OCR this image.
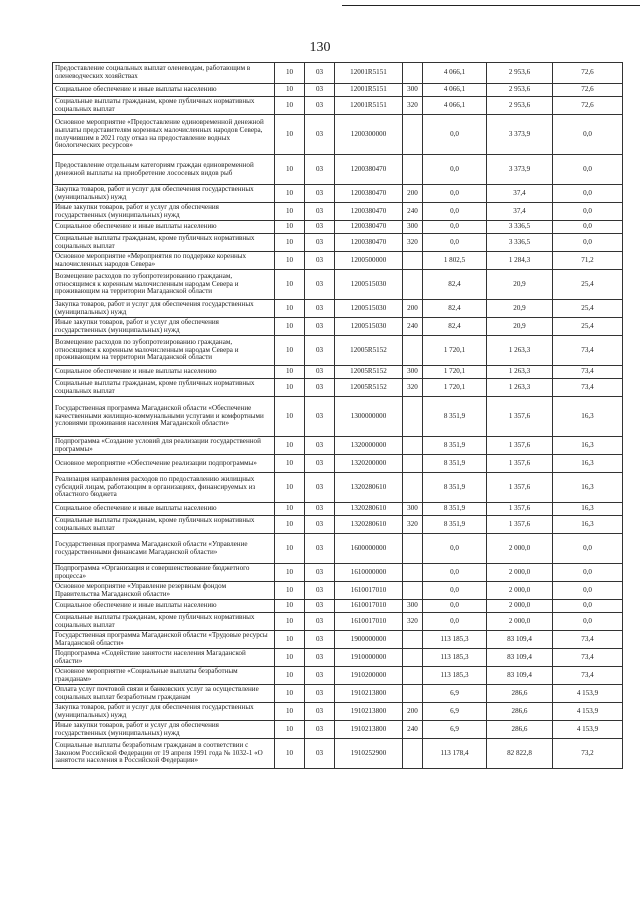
130
Предоставление социальных выплат оленеводам, работающим в оленеводческих хозяйствах	10	03	12001R5151		4 066,1	2 953,6	72,6
Социальное обеспечение и иные выплаты населению	10	03	12001R5151	300	4 066,1	2 953,6	72,6
Социальные выплаты гражданам, кроме публичных нормативных социальных выплат	10	03	12001R5151	320	4 066,1	2 953,6	72,6
Основное мероприятие «Предоставление единовременной денежной выплаты представителям коренных малочисленных народов Севера, получившим в 2021 году отказ на предоставление водных биологических ресурсов»	10	03	1200300000		0,0	3 373,9	0,0
Предоставление отдельным категориям граждан единовременной денежной выплаты на приобретение лососевых видов рыб	10	03	1200380470		0,0	3 373,9	0,0
Закупка товаров, работ и услуг для обеспечения государственных (муниципальных) нужд	10	03	1200380470	200	0,0	37,4	0,0
Иные закупки товаров, работ и услуг для обеспечения государственных (муниципальных) нужд	10	03	1200380470	240	0,0	37,4	0,0
Социальное обеспечение и иные выплаты населению	10	03	1200380470	300	0,0	3 336,5	0,0
Социальные выплаты гражданам, кроме публичных нормативных социальных выплат	10	03	1200380470	320	0,0	3 336,5	0,0
Основное мероприятие «Мероприятия по поддержке коренных малочисленных народов Севера»	10	03	1200500000		1 802,5	1 284,3	71,2
Возмещение расходов по зубопротезированию гражданам, относящимся к коренным малочисленным народам Севера и проживающим на территории Магаданской области	10	03	1200515030		82,4	20,9	25,4
Закупка товаров, работ и услуг для обеспечения государственных (муниципальных) нужд	10	03	1200515030	200	82,4	20,9	25,4
Иные закупки товаров, работ и услуг для обеспечения государственных (муниципальных) нужд	10	03	1200515030	240	82,4	20,9	25,4
Возмещение расходов по зубопротезированию гражданам, относящимся к коренным малочисленным народам Севера и проживающим на территории Магаданской области	10	03	12005R5152		1 720,1	1 263,3	73,4
Социальное обеспечение и иные выплаты населению	10	03	12005R5152	300	1 720,1	1 263,3	73,4
Социальные выплаты гражданам, кроме публичных нормативных социальных выплат	10	03	12005R5152	320	1 720,1	1 263,3	73,4
Государственная программа Магаданской области «Обеспечение качественными жилищно-коммунальными услугами и комфортными условиями проживания населения Магаданской области»	10	03	1300000000		8 351,9	1 357,6	16,3
Подпрограмма «Создание условий для реализации государственной программы»	10	03	1320000000		8 351,9	1 357,6	16,3
Основное мероприятие «Обеспечение реализации подпрограммы»	10	03	1320200000		8 351,9	1 357,6	16,3
Реализация направления расходов по предоставлению жилищных субсидий лицам, работающим в организациях, финансируемых из областного бюджета	10	03	1320280610		8 351,9	1 357,6	16,3
Социальное обеспечение и иные выплаты населению	10	03	1320280610	300	8 351,9	1 357,6	16,3
Социальные выплаты гражданам, кроме публичных нормативных социальных выплат	10	03	1320280610	320	8 351,9	1 357,6	16,3
Государственная программа Магаданской области «Управление государственными финансами Магаданской области»	10	03	1600000000		0,0	2 000,0	0,0
Подпрограмма «Организация и совершенствование бюджетного процесса»	10	03	1610000000		0,0	2 000,0	0,0
Основное мероприятие «Управление резервным фондом Правительства Магаданской области»	10	03	1610017010		0,0	2 000,0	0,0
Социальное обеспечение и иные выплаты населению	10	03	1610017010	300	0,0	2 000,0	0,0
Социальные выплаты гражданам, кроме публичных нормативных социальных выплат	10	03	1610017010	320	0,0	2 000,0	0,0
Государственная программа Магаданской области «Трудовые ресурсы Магаданской области»	10	03	1900000000		113 185,3	83 109,4	73,4
Подпрограмма «Содействие занятости населения Магаданской области»	10	03	1910000000		113 185,3	83 109,4	73,4
Основное мероприятие «Социальные выплаты безработным гражданам»	10	03	1910200000		113 185,3	83 109,4	73,4
Оплата услуг почтовой связи и банковских услуг за осуществление социальных выплат безработным гражданам	10	03	1910213800		6,9	286,6	4 153,9
Закупка товаров, работ и услуг для обеспечения государственных (муниципальных) нужд	10	03	1910213800	200	6,9	286,6	4 153,9
Иные закупки товаров, работ и услуг для обеспечения государственных (муниципальных) нужд	10	03	1910213800	240	6,9	286,6	4 153,9
Социальные выплаты безработным гражданам в соответствии с Законом Российской Федерации от 19 апреля 1991 года № 1032-1 «О занятости населения в Российской Федерации»	10	03	1910252900		113 178,4	82 822,8	73,2
